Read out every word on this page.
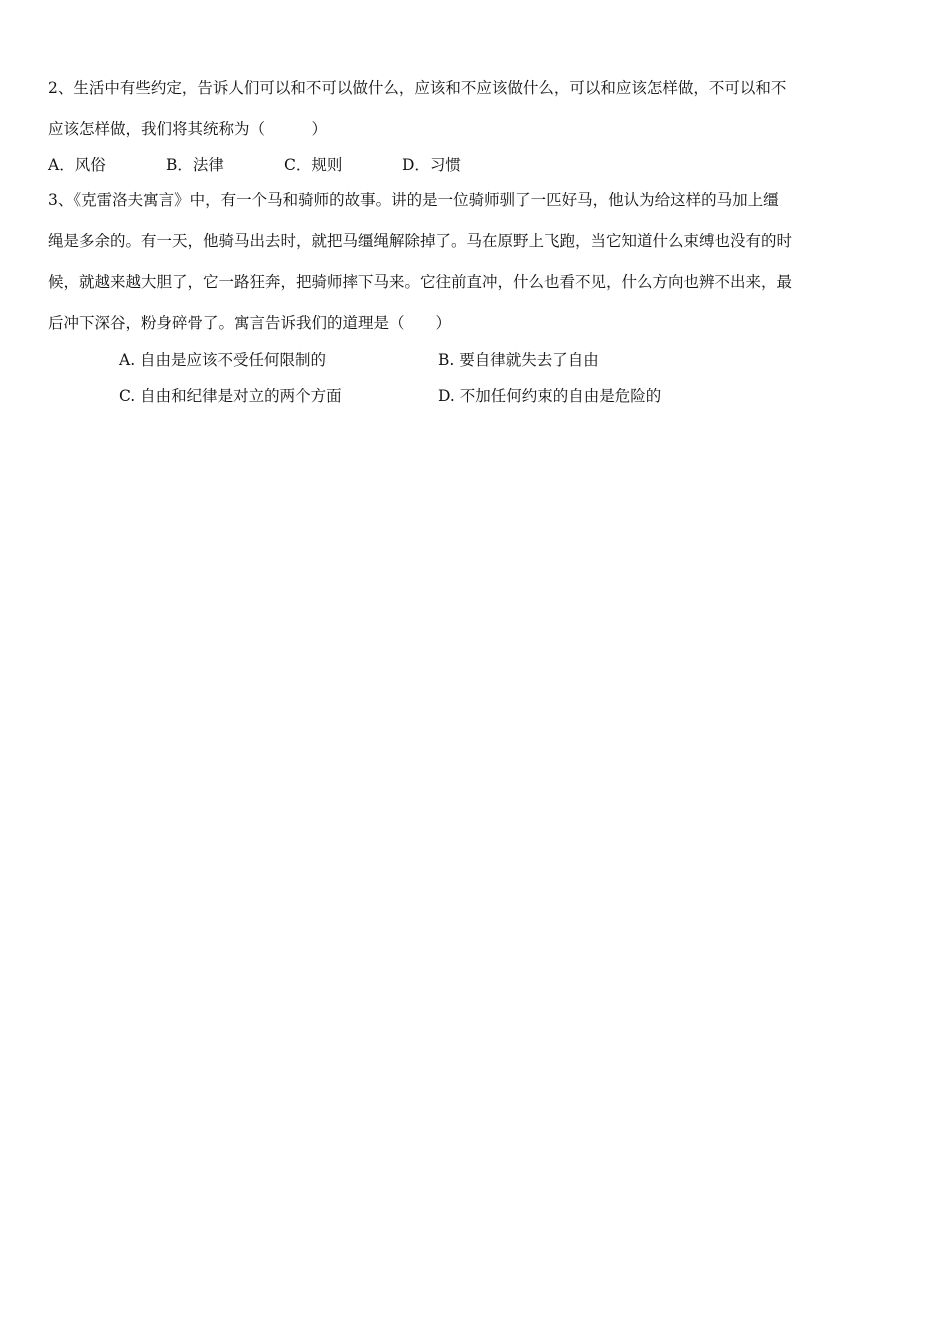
2、生活中有些约定，告诉人们可以和不可以做什么，应该和不应该做什么，可以和应该怎样做，不可以和不
应该怎样做，我们将其统称为（　　　）
A．风俗	B．法律	C．规则	D．习惯
3、《克雷洛夫寓言》中，有一个马和骑师的故事。讲的是一位骑师驯了一匹好马，他认为给这样的马加上缰
绳是多余的。有一天，他骑马出去时，就把马缰绳解除掉了。马在原野上飞跑，当它知道什么束缚也没有的时
候，就越来越大胆了，它一路狂奔，把骑师摔下马来。它往前直冲，什么也看不见，什么方向也辨不出来，最
后冲下深谷，粉身碎骨了。寓言告诉我们的道理是（　　）
A. 自由是应该不受任何限制的	B. 要自律就失去了自由
C. 自由和纪律是对立的两个方面	D. 不加任何约束的自由是危险的
